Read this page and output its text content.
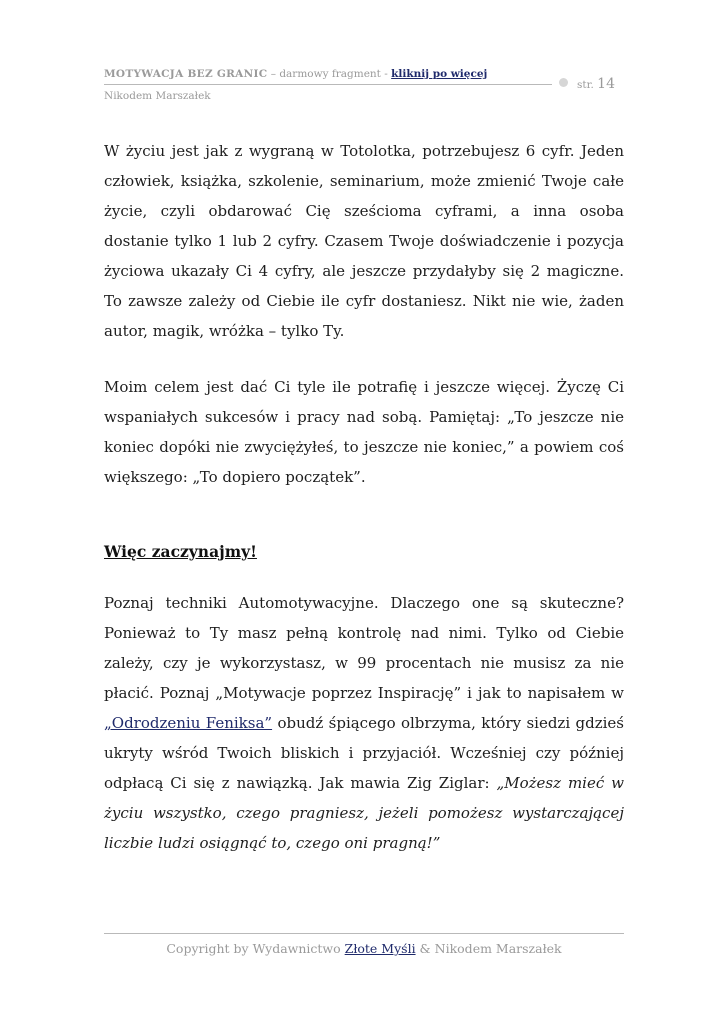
MOTYWACJA BEZ GRANIC – darmowy fragment - kliknij po więcej
str. 14
Nikodem Marszałek
W życiu jest jak z wygraną w Totolotka, potrzebujesz 6 cyfr. Jeden człowiek, książka, szkolenie, seminarium, może zmienić Twoje całe życie, czyli obdarować Cię sześcioma cyframi, a inna osoba dostanie tylko 1 lub 2 cyfry. Czasem Twoje doświadczenie i pozycja życiowa ukazały Ci 4 cyfry, ale jeszcze przydałyby się 2 magiczne. To zawsze zależy od Ciebie ile cyfr dostaniesz. Nikt nie wie, żaden autor, magik, wróżka – tylko Ty.
Moim celem jest dać Ci tyle ile potrafię i jeszcze więcej. Życzę Ci wspaniałych sukcesów i pracy nad sobą. Pamiętaj: „To jeszcze nie koniec dopóki nie zwyciężyłeś, to jeszcze nie koniec,” a powiem coś większego: „To dopiero początek”.
Więc zaczynajmy!
Poznaj techniki Automotywacyjne. Dlaczego one są skuteczne? Ponieważ to Ty masz pełną kontrolę nad nimi. Tylko od Ciebie zależy, czy je wykorzystasz, w 99 procentach nie musisz za nie płacić. Poznaj „Motywacje poprzez Inspirację” i jak to napisałem w „Odrodzeniu Feniksa” obudź śpiącego olbrzyma, który siedzi gdzieś ukryty wśród Twoich bliskich i przyjaciół. Wcześniej czy później odpłacą Ci się z nawiązką. Jak mawia Zig Ziglar: „Możesz mieć w życiu wszystko, czego pragniesz, jeżeli pomożesz wystarczającej liczbie ludzi osiągnąć to, czego oni pragną!”
Copyright by Wydawnictwo Złote Myśli & Nikodem Marszałek
